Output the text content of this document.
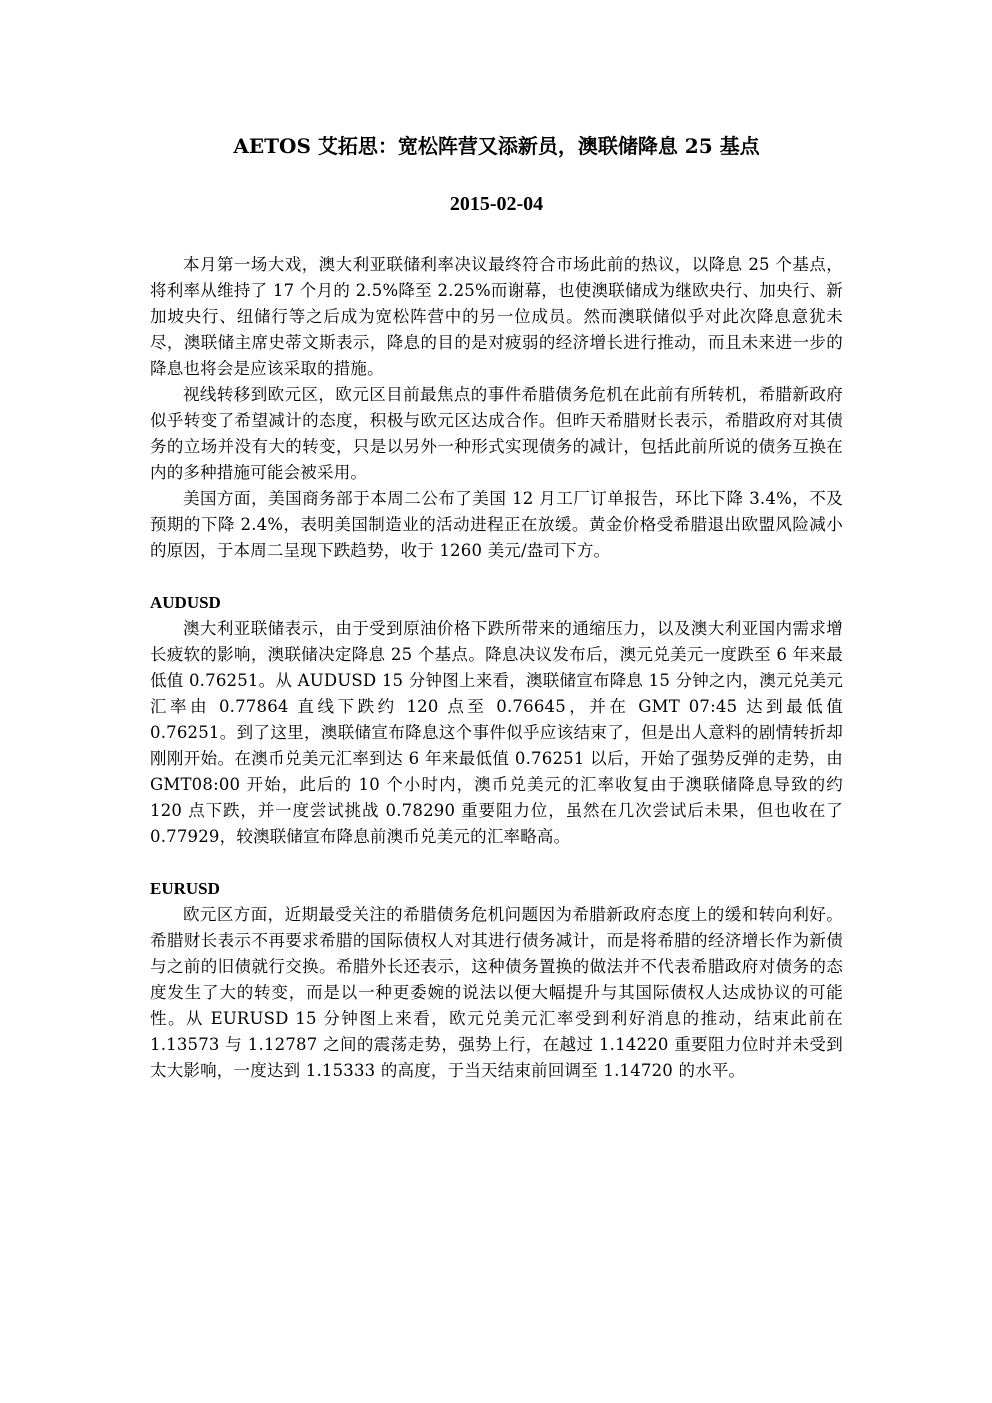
AETOS 艾拓思：宽松阵营又添新员，澳联储降息 25 基点
2015-02-04

本月第一场大戏，澳大利亚联储利率决议最终符合市场此前的热议，以降息 25 个基点，将利率从维持了 17 个月的 2.5%降至 2.25%而谢幕，也使澳联储成为继欧央行、加央行、新加坡央行、纽储行等之后成为宽松阵营中的另一位成员。然而澳联储似乎对此次降息意犹未尽，澳联储主席史蒂文斯表示，降息的目的是对疲弱的经济增长进行推动，而且未来进一步的降息也将会是应该采取的措施。

视线转移到欧元区，欧元区目前最焦点的事件希腊债务危机在此前有所转机，希腊新政府似乎转变了希望减计的态度，积极与欧元区达成合作。但昨天希腊财长表示，希腊政府对其债务的立场并没有大的转变，只是以另外一种形式实现债务的减计，包括此前所说的债务互换在内的多种措施可能会被采用。

美国方面，美国商务部于本周二公布了美国 12 月工厂订单报告，环比下降 3.4%，不及预期的下降 2.4%，表明美国制造业的活动进程正在放缓。黄金价格受希腊退出欧盟风险减小的原因，于本周二呈现下跌趋势，收于 1260 美元/盎司下方。

AUDUSD

澳大利亚联储表示，由于受到原油价格下跌所带来的通缩压力，以及澳大利亚国内需求增长疲软的影响，澳联储决定降息 25 个基点。降息决议发布后，澳元兑美元一度跌至 6 年来最低值 0.76251。从 AUDUSD 15 分钟图上来看，澳联储宣布降息 15 分钟之内，澳元兑美元汇率由 0.77864 直线下跌约 120 点至 0.76645，并在 GMT 07:45 达到最低值 0.76251。到了这里，澳联储宣布降息这个事件似乎应该结束了，但是出人意料的剧情转折却刚刚开始。在澳币兑美元汇率到达 6 年来最低值 0.76251 以后，开始了强势反弹的走势，由 GMT08:00 开始，此后的 10 个小时内，澳币兑美元的汇率收复由于澳联储降息导致的约 120 点下跌，并一度尝试挑战 0.78290 重要阻力位，虽然在几次尝试后未果，但也收在了 0.77929，较澳联储宣布降息前澳币兑美元的汇率略高。

EURUSD

欧元区方面，近期最受关注的希腊债务危机问题因为希腊新政府态度上的缓和转向利好。希腊财长表示不再要求希腊的国际债权人对其进行债务减计，而是将希腊的经济增长作为新债与之前的旧债就行交换。希腊外长还表示，这种债务置换的做法并不代表希腊政府对债务的态度发生了大的转变，而是以一种更委婉的说法以便大幅提升与其国际债权人达成协议的可能性。从 EURUSD 15 分钟图上来看，欧元兑美元汇率受到利好消息的推动，结束此前在 1.13573 与 1.12787 之间的震荡走势，强势上行，在越过 1.14220 重要阻力位时并未受到太大影响，一度达到 1.15333 的高度，于当天结束前回调至 1.14720 的水平。
